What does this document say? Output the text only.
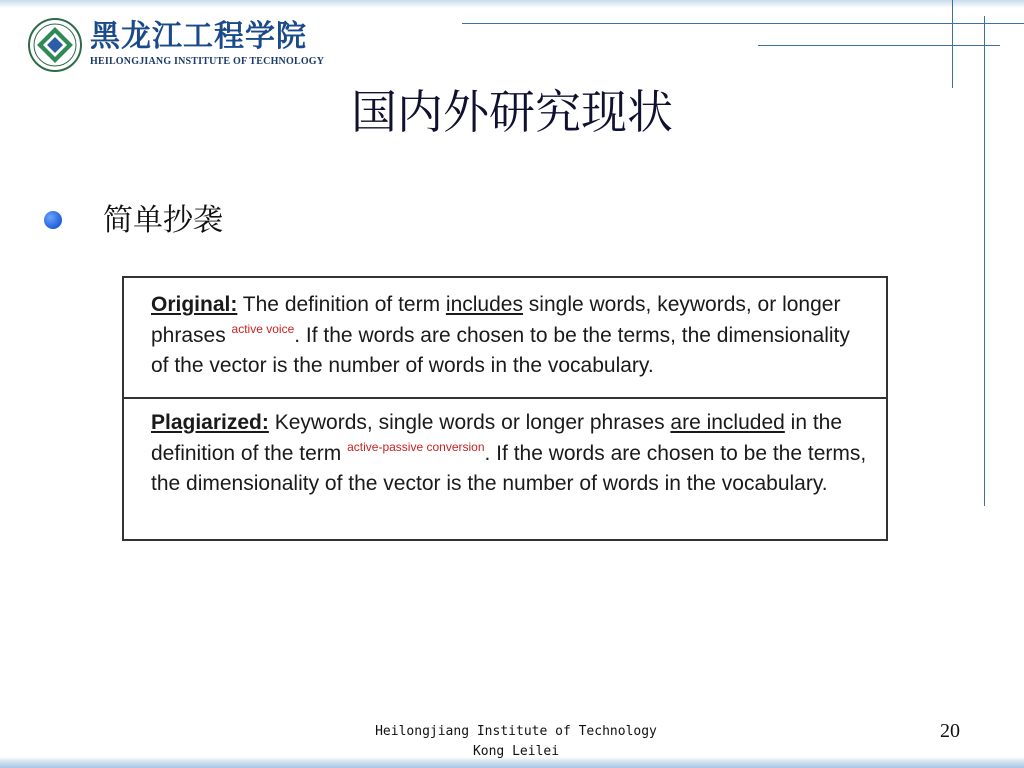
黑龙江工程学院
HEILONGJIANG INSTITUTE OF TECHNOLOGY
国内外研究现状
简单抄袭
Original: The definition of term includes single words, keywords, or longer phrases $^{active voice}$. If the words are chosen to be the terms, the dimensionality of the vector is the number of words in the vocabulary.
Plagiarized: Keywords, single words or longer phrases are included in the definition of the term $^{active-passive conversion}$. If the words are chosen to be the terms, the dimensionality of the vector is the number of words in the vocabulary.
Heilongjiang Institute of Technology
Kong Leilei
20
